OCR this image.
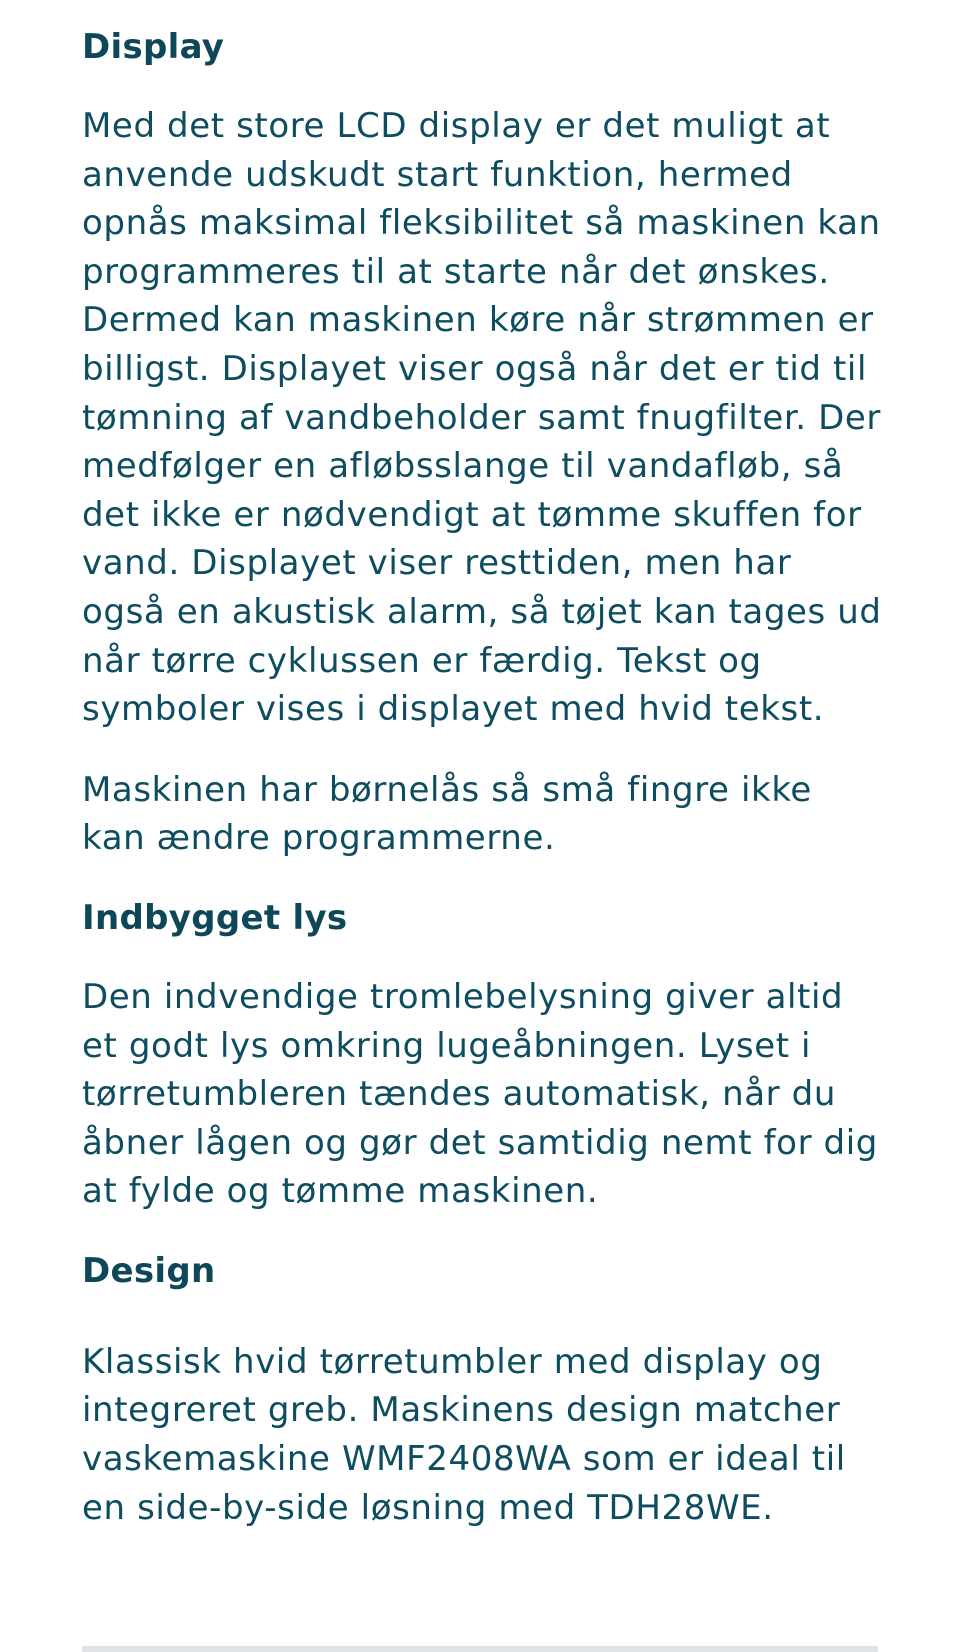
Display

Med det store LCD display er det muligt at anvende udskudt start funktion, hermed opnås maksimal fleksibilitet så maskinen kan programmeres til at starte når det ønskes. Dermed kan maskinen køre når strømmen er billigst. Displayet viser også når det er tid til tømning af vandbeholder samt fnugfilter. Der medfølger en afløbsslange til vandafløb, så det ikke er nødvendigt at tømme skuffen for vand. Displayet viser resttiden, men har også en akustisk alarm, så tøjet kan tages ud når tørre cyklussen er færdig. Tekst og symboler vises i displayet med hvid tekst.

Maskinen har børnelås så små fingre ikke kan ændre programmerne.

Indbygget lys

Den indvendige tromlebelysning giver altid et godt lys omkring lugeåbningen. Lyset i tørretumbleren tændes automatisk, når du åbner lågen og gør det samtidig nemt for dig at fylde og tømme maskinen.

Design

Klassisk hvid tørretumbler med display og integreret greb. Maskinens design matcher vaskemaskine WMF2408WA som er ideal til en side-by-side løsning med TDH28WE.
